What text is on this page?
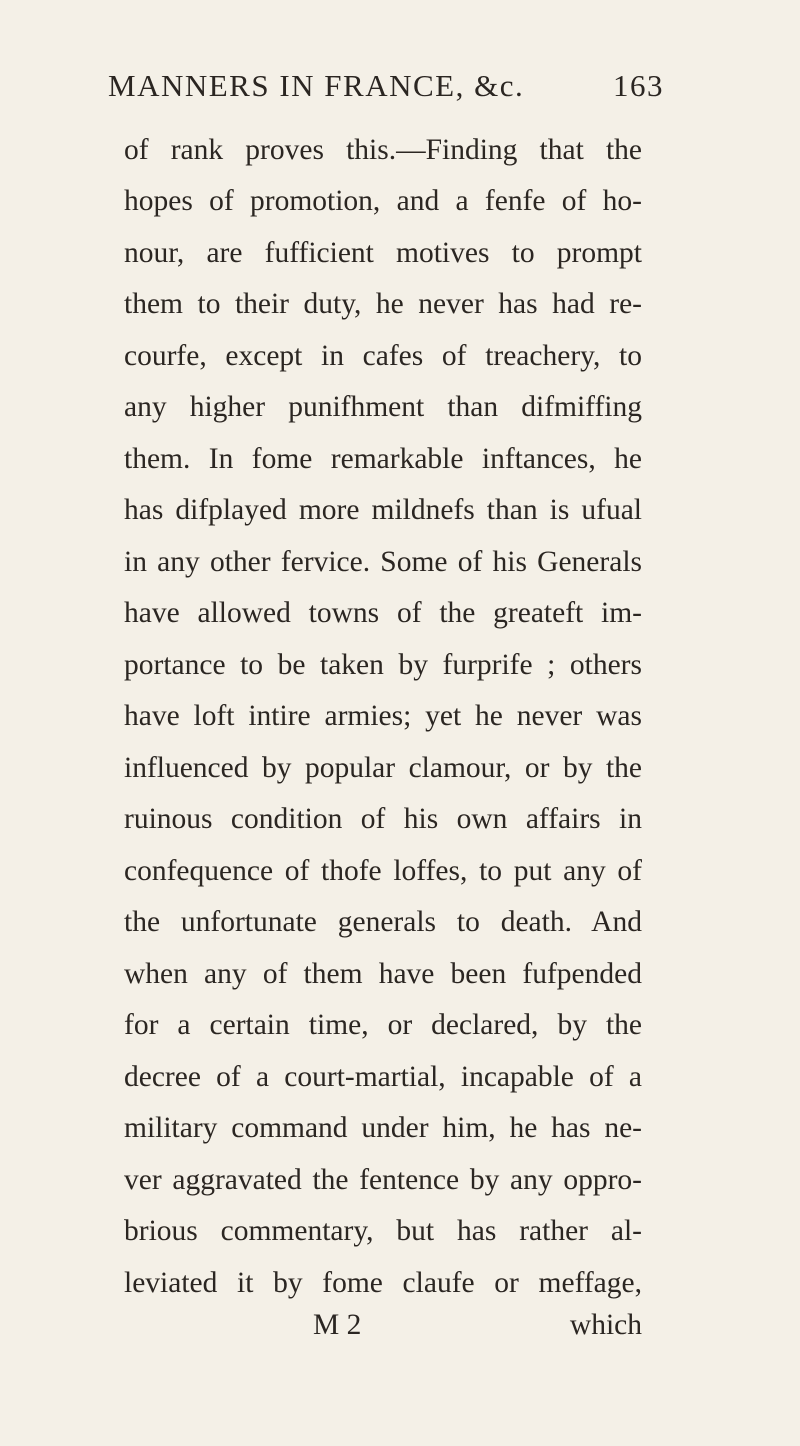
MANNERS IN FRANCE, &c.	163
of rank proves this.—Finding that the
hopes of promotion, and a fenfe of ho-
nour, are fufficient motives to prompt
them to their duty, he never has had re-
courfe, except in cafes of treachery, to
any higher punifhment than difmiffing
them. In fome remarkable inftances, he
has difplayed more mildnefs than is ufual
in any other fervice. Some of his Generals
have allowed towns of the greateft im-
portance to be taken by furprife ; others
have loft intire armies; yet he never was
influenced by popular clamour, or by the
ruinous condition of his own affairs in
confequence of thofe loffes, to put any of
the unfortunate generals to death. And
when any of them have been fufpended
for a certain time, or declared, by the
decree of a court-martial, incapable of a
military command under him, he has ne-
ver aggravated the fentence by any oppro-
brious commentary, but has rather al-
leviated it by fome claufe or meffage,
M 2	which
